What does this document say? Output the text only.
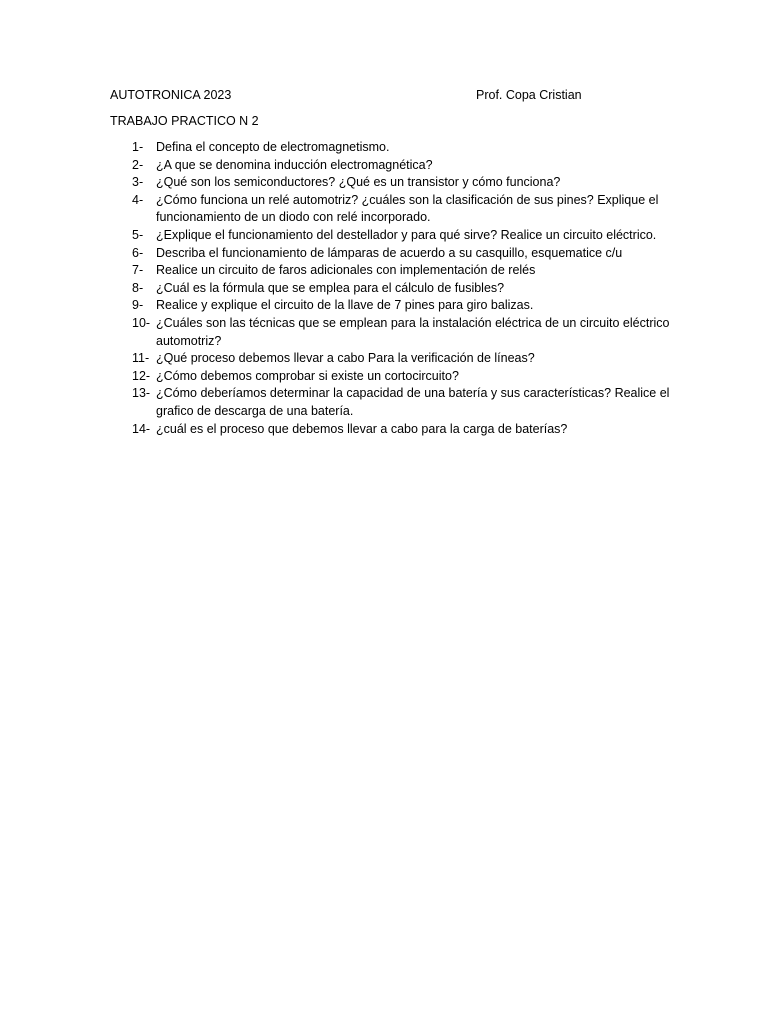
AUTOTRONICA 2023	Prof. Copa Cristian
TRABAJO PRACTICO N 2
1-	Defina el concepto de electromagnetismo.
2-	¿A que se denomina inducción electromagnética?
3-	¿Qué son los semiconductores? ¿Qué es un transistor y cómo funciona?
4-	¿Cómo funciona un relé automotriz? ¿cuáles son la clasificación de sus pines? Explique el funcionamiento de un diodo con relé incorporado.
5-	¿Explique el funcionamiento del destellador y para qué sirve? Realice un circuito eléctrico.
6-	Describa el funcionamiento de lámparas de acuerdo a su casquillo, esquematice c/u
7-	Realice un circuito de faros adicionales con implementación de relés
8-	¿Cuál es la fórmula que se emplea para el cálculo de fusibles?
9-	Realice y explique el circuito de la llave de 7 pines para giro balizas.
10- ¿Cuáles son las técnicas que se emplean para la instalación eléctrica de un circuito eléctrico automotriz?
11- ¿Qué proceso debemos llevar a cabo Para la verificación de líneas?
12- ¿Cómo debemos comprobar si existe un cortocircuito?
13- ¿Cómo deberíamos determinar la capacidad de una batería y sus características? Realice el grafico de descarga de una batería.
14- ¿cuál es el proceso que debemos llevar a cabo para la carga de baterías?
